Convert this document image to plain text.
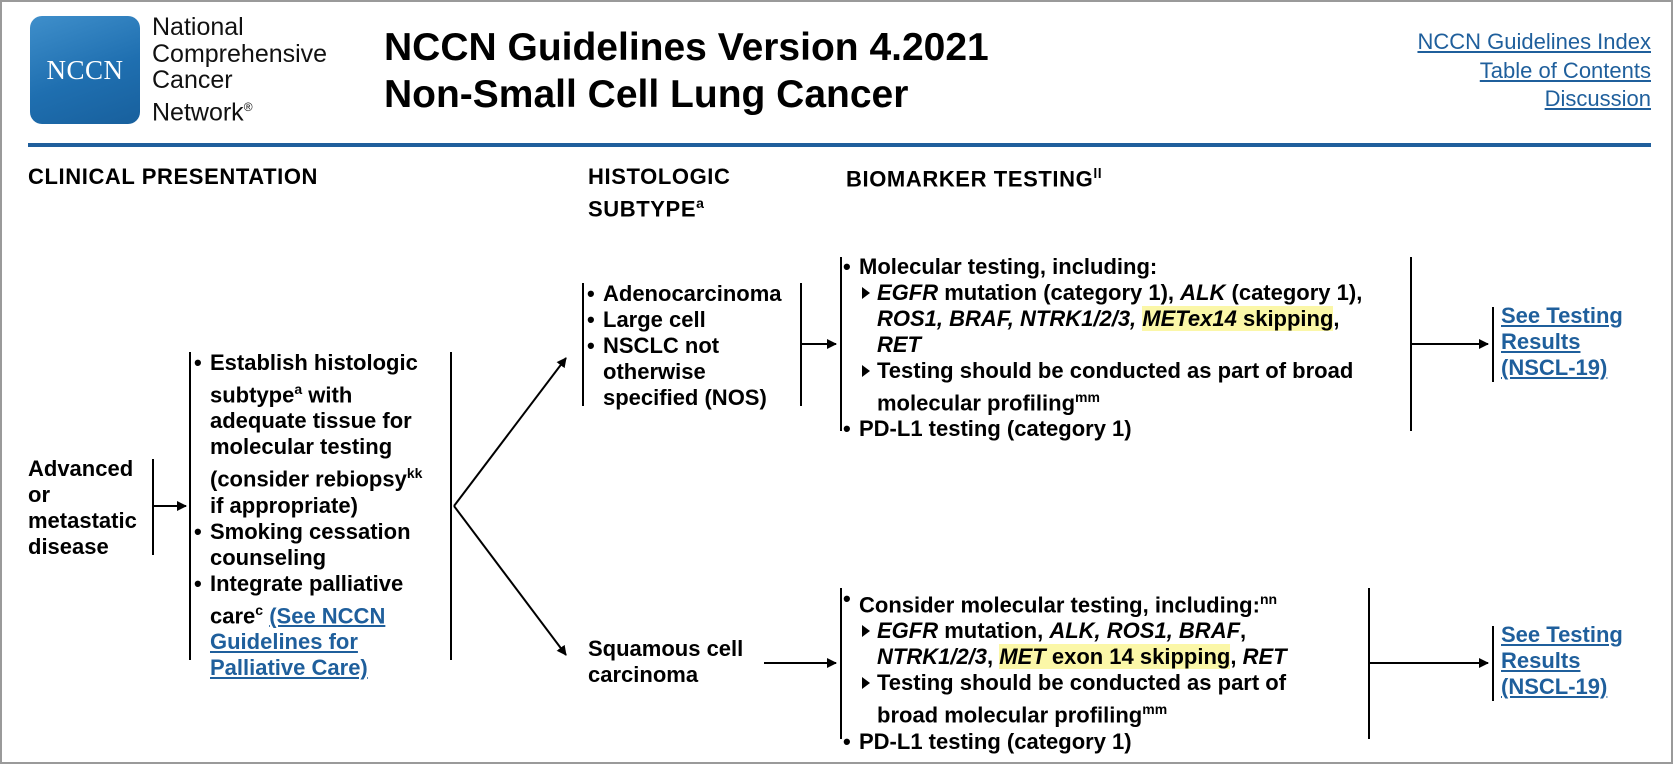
NCCN
National
Comprehensive
Cancer
Network®
NCCN Guidelines Version 4.2021
Non-Small Cell Lung Cancer
NCCN Guidelines Index
Table of Contents
Discussion
CLINICAL PRESENTATION	HISTOLOGIC
SUBTYPE$^a$
BIOMARKER $TESTING^{ll}$
Advanced
or
metastatic
disease
• Establish histologic
subtype$^a$ with
adequate tissue for
molecular testing
(consider rebiopsy$^{kk}$
if appropriate)
• Smoking cessation
counseling
• Integrate palliative
care$^c$ (See NCCN
Guidelines for
Palliative Care)
• Adenocarcinoma
• Large cell
• NSCLC not
otherwise
specified (NOS)
Squamous cell
carcinoma
• Molecular testing, including:
EGFR mutation (category 1), ALK (category 1),
ROS1, BRAF, NTRK1/2/3, METex14 skipping,
RET
Testing should be conducted as part of broad
molecular profiling$^{mm}$
• PD-L1 testing (category 1)
• Consider molecular testing, including:$^{nn}$
EGFR mutation, ALK, ROS1, BRAF,
NTRK1/2/3, MET exon 14 skipping, RET
Testing should be conducted as part of
broad molecular profiling$^{mm}$
• PD-L1 testing (category 1)
See Testing
Results
(NSCL-19)
See Testing
Results
(NSCL-19)
